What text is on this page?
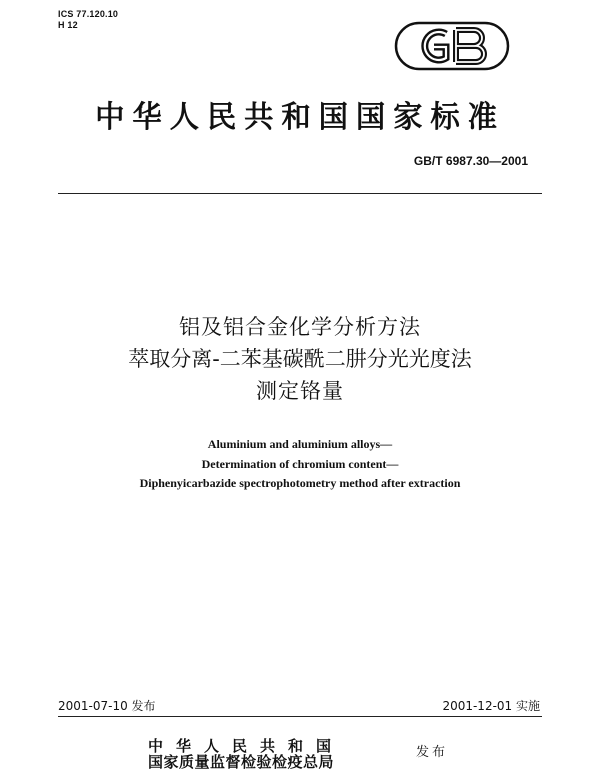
ICS 77.120.10
H 12
中华人民共和国国家标准
GB/T 6987.30—2001
铝及铝合金化学分析方法
萃取分离-二苯基碳酰二肼分光光度法
测定铬量
Aluminium and aluminium alloys—
Determination of chromium content—
Diphenyicarbazide spectrophotometry method after extraction
2001-07-10 发布	2001-12-01 实施
中华人民共和国
国家质量监督检验检疫总局
发布
